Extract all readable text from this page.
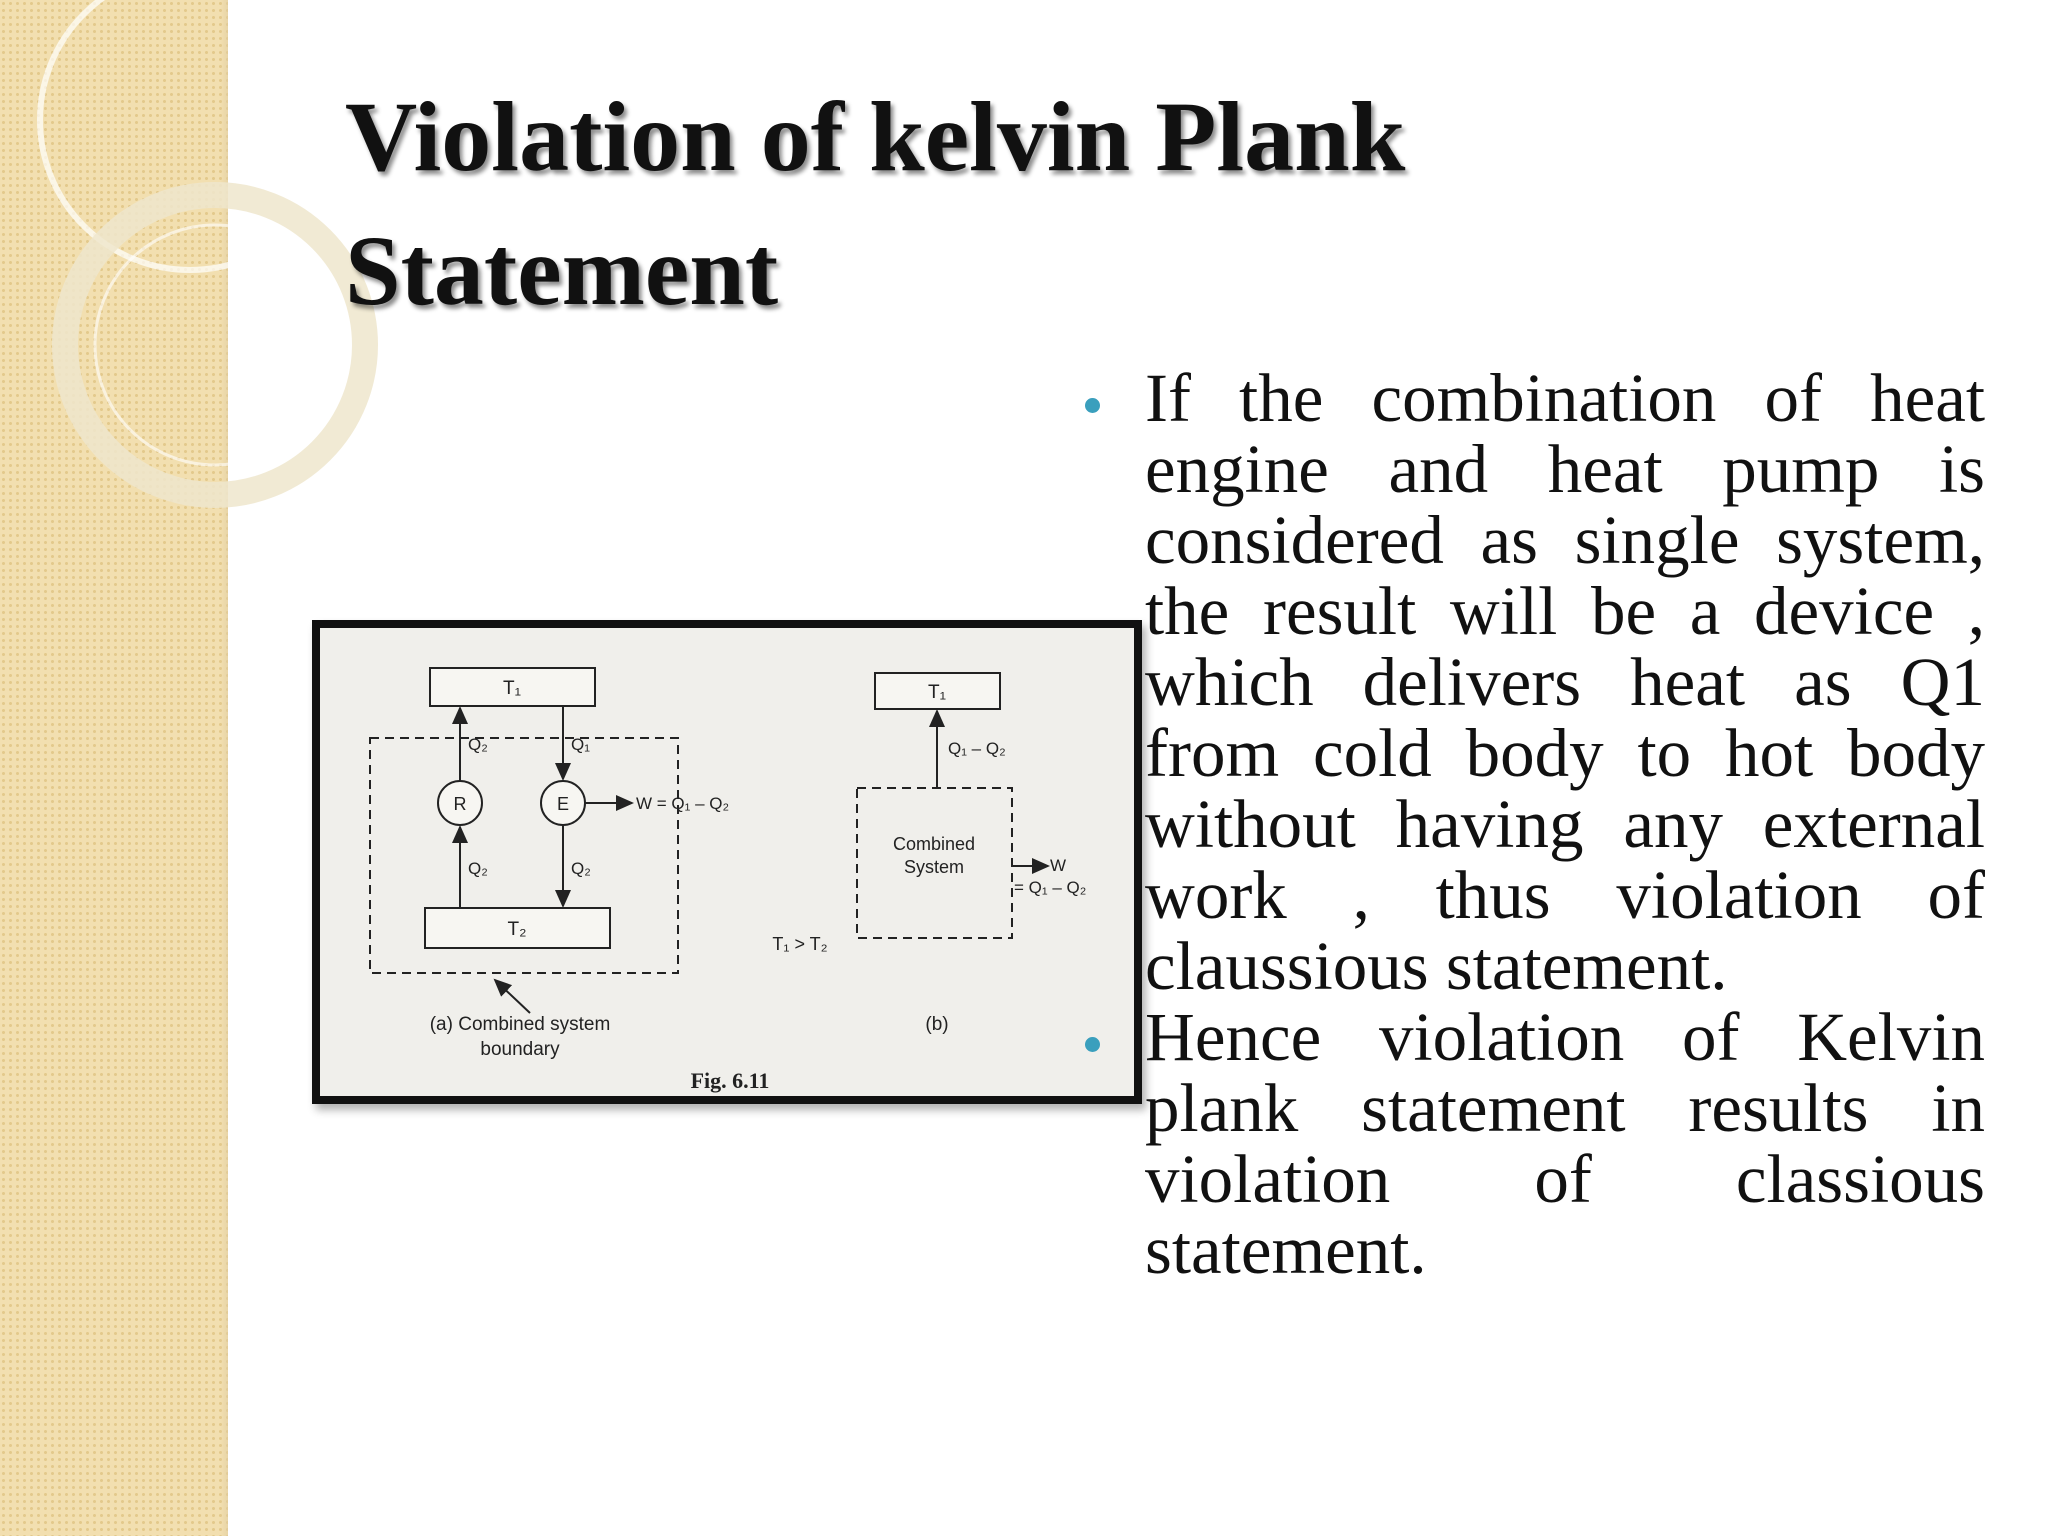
Violation of kelvin Plank Statement
T₁
R	E
Q₂	Q₁
W = Q₁ – Q₂
Q₂	Q₂
T₂
(a) Combined system
boundary
T₁
Q₁ – Q₂
Combined
System	W
= Q₁ – Q₂
T₁ > T₂
(b)
Fig. 6.11
If the combination of heat engine and heat pump is considered as single system, the result will be a device , which delivers heat as Q1 from cold body to hot body without having any external work , thus violation of claussious statement.
Hence violation of Kelvin plank statement results in violation of classious statement.
